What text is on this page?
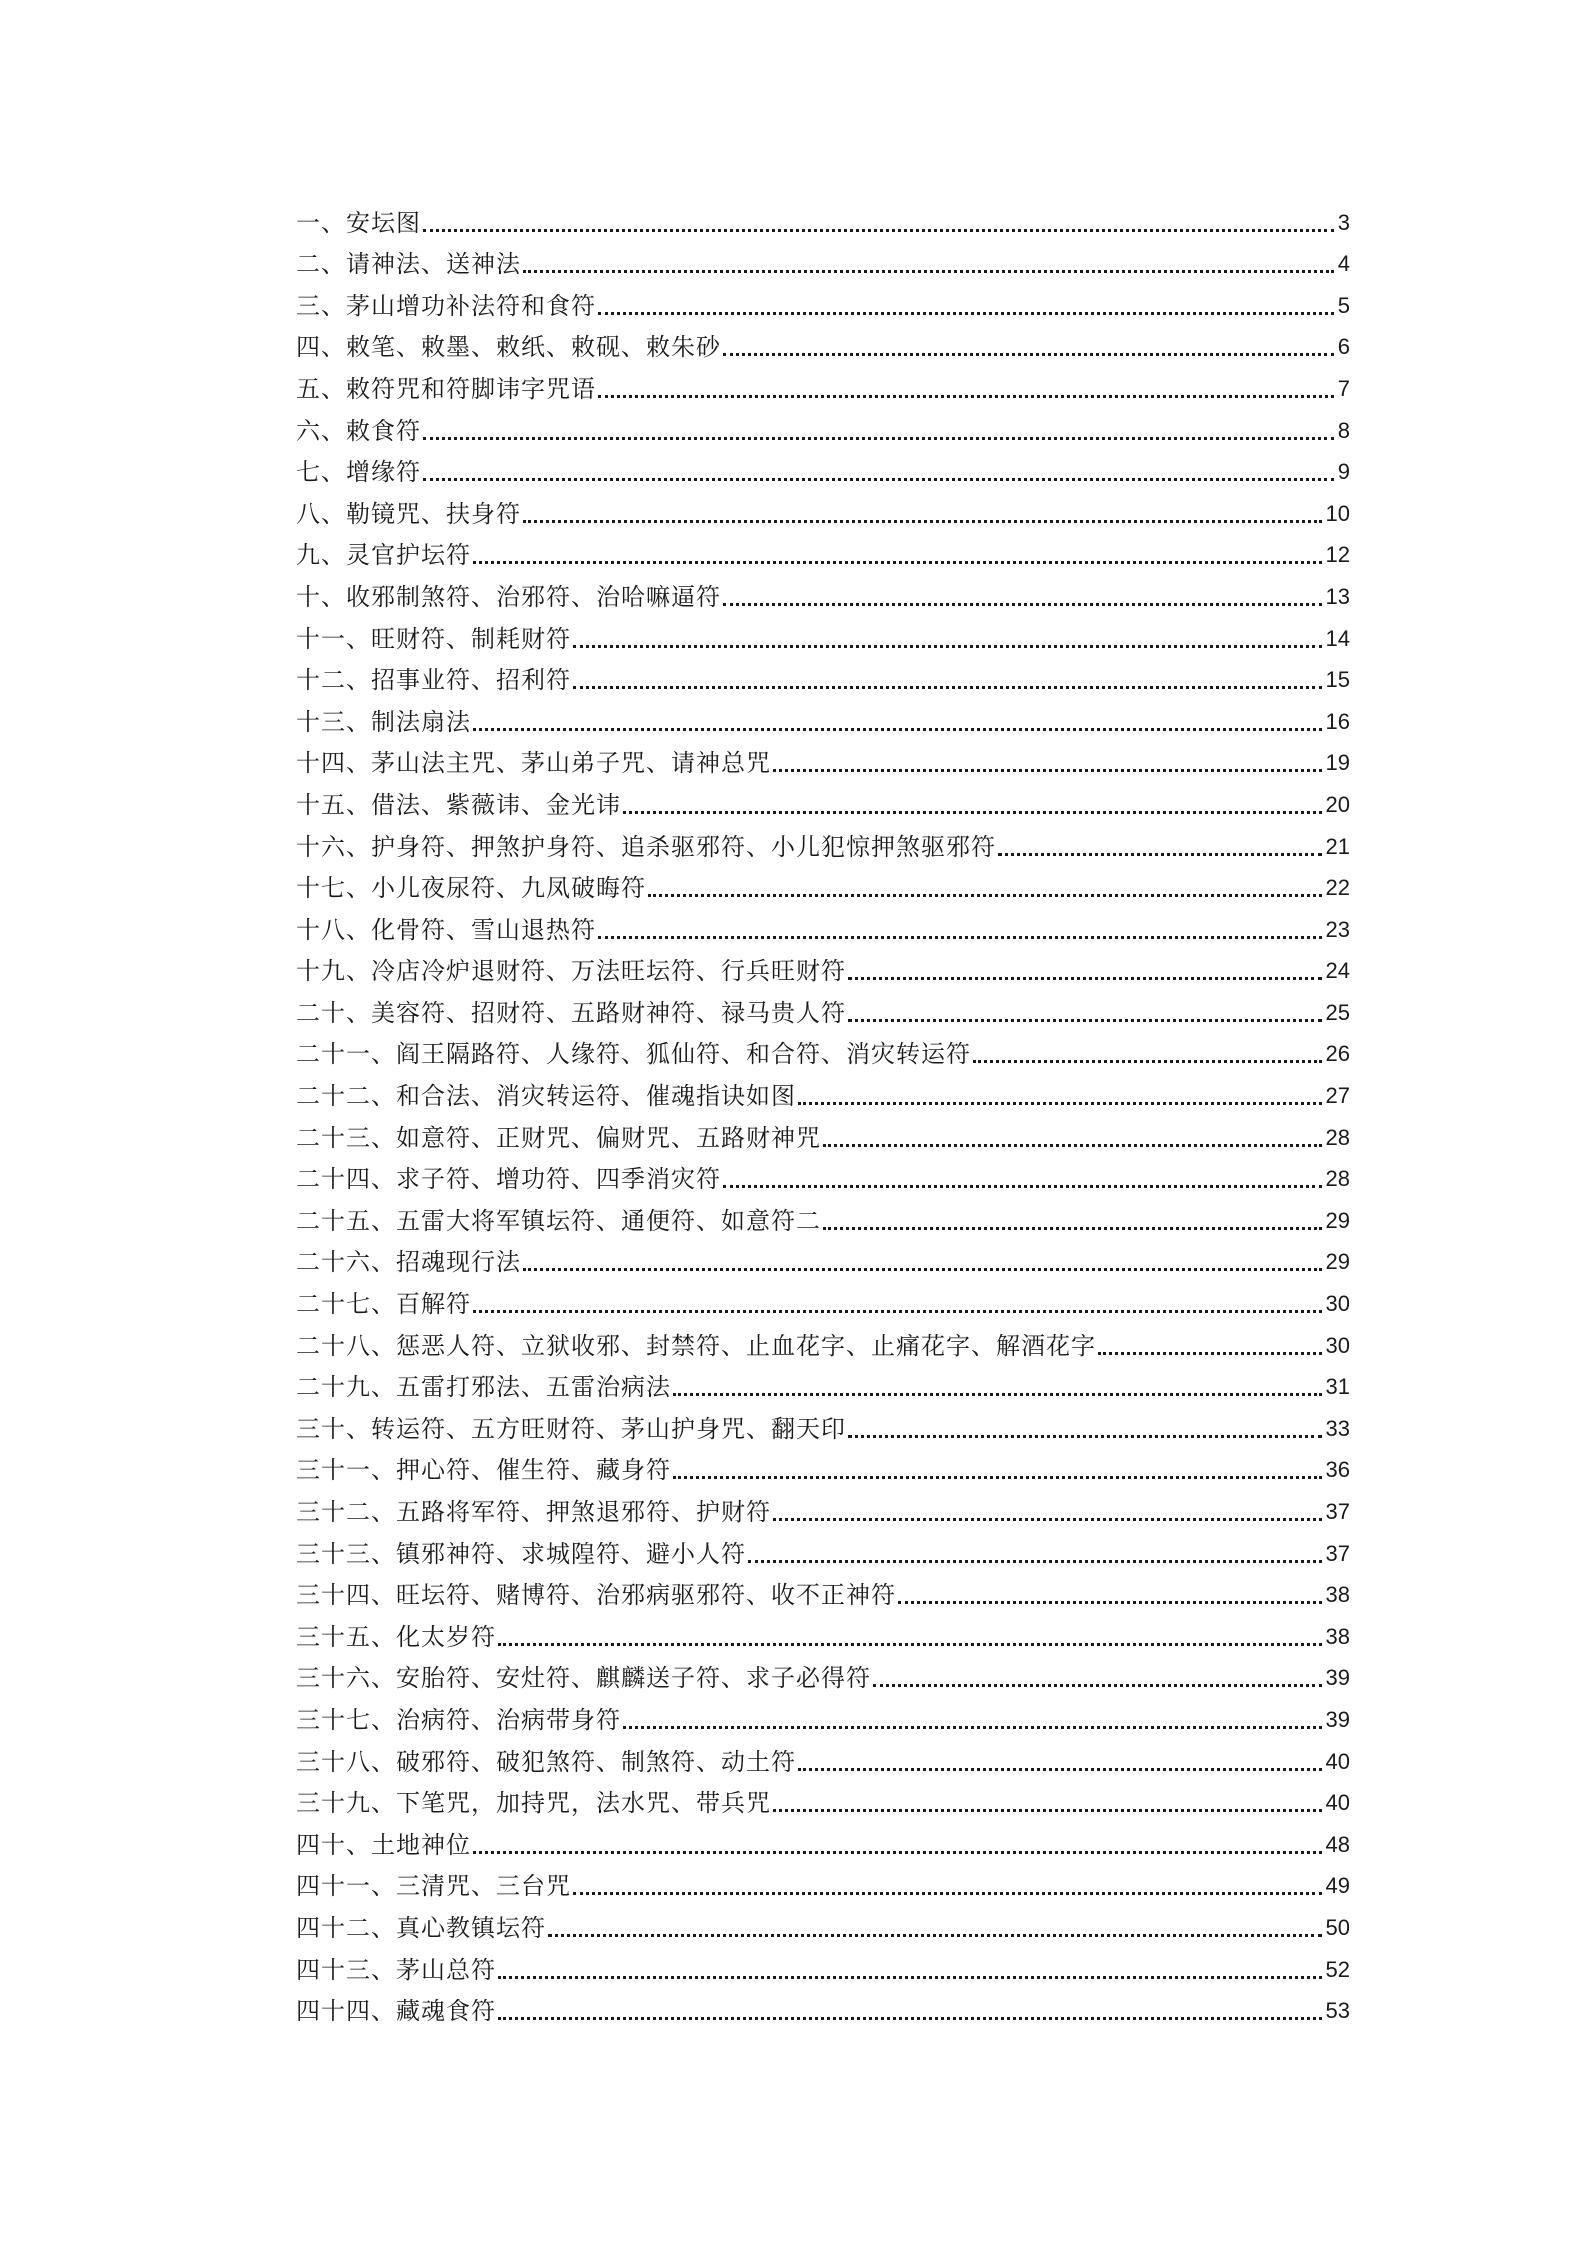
一、安坛图	3
二、请神法、送神法	4
三、茅山增功补法符和食符	5
四、敕笔、敕墨、敕纸、敕砚、敕朱砂	6
五、敕符咒和符脚讳字咒语	7
六、敕食符	8
七、增缘符	9
八、勒镜咒、扶身符	10
九、灵官护坛符	12
十、收邪制煞符、治邪符、治哈嘛逼符	13
十一、旺财符、制耗财符	14
十二、招事业符、招利符	15
十三、制法扇法	16
十四、茅山法主咒、茅山弟子咒、请神总咒	19
十五、借法、紫薇讳、金光讳	20
十六、护身符、押煞护身符、追杀驱邪符、小儿犯惊押煞驱邪符	21
十七、小儿夜尿符、九凤破晦符	22
十八、化骨符、雪山退热符	23
十九、冷店冷炉退财符、万法旺坛符、行兵旺财符	24
二十、美容符、招财符、五路财神符、禄马贵人符	25
二十一、阎王隔路符、人缘符、狐仙符、和合符、消灾转运符	26
二十二、和合法、消灾转运符、催魂指诀如图	27
二十三、如意符、正财咒、偏财咒、五路财神咒	28
二十四、求子符、增功符、四季消灾符	28
二十五、五雷大将军镇坛符、通便符、如意符二	29
二十六、招魂现行法	29
二十七、百解符	30
二十八、惩恶人符、立狱收邪、封禁符、止血花字、止痛花字、解酒花字	30
二十九、五雷打邪法、五雷治病法	31
三十、转运符、五方旺财符、茅山护身咒、翻天印	33
三十一、押心符、催生符、藏身符	36
三十二、五路将军符、押煞退邪符、护财符	37
三十三、镇邪神符、求城隍符、避小人符	37
三十四、旺坛符、赌博符、治邪病驱邪符、收不正神符	38
三十五、化太岁符	38
三十六、安胎符、安灶符、麒麟送子符、求子必得符	39
三十七、治病符、治病带身符	39
三十八、破邪符、破犯煞符、制煞符、动土符	40
三十九、下笔咒，加持咒，法水咒、带兵咒	40
四十、土地神位	48
四十一、三清咒、三台咒	49
四十二、真心教镇坛符	50
四十三、茅山总符	52
四十四、藏魂食符	53
